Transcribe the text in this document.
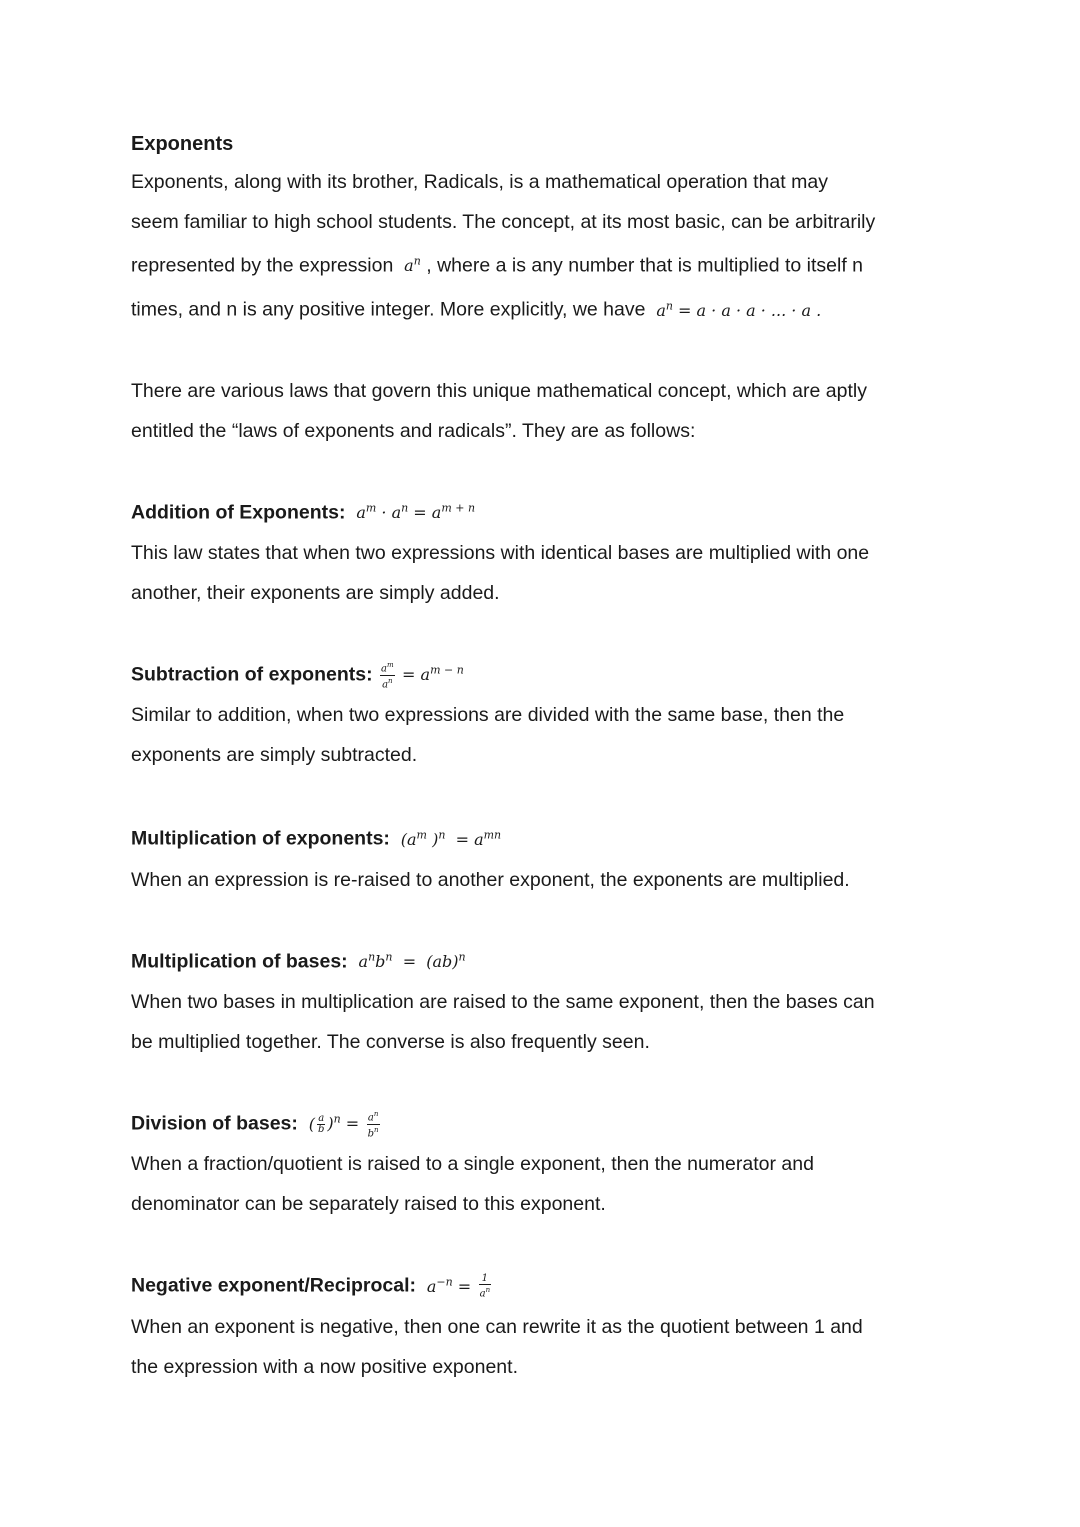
Exponents

Exponents, along with its brother, Radicals, is a mathematical operation that may

seem familiar to high school students. The concept, at its most basic, can be arbitrarily

represented by the expression $a^n$ , where a is any number that is multiplied to itself n

times, and n is any positive integer. More explicitly, we have $a^n = a \cdot a \cdot a$ · ... · a .

There are various laws that govern this unique mathematical concept, which are aptly

entitled the “laws of exponents and radicals”. They are as follows:

Addition of Exponents: $a^m \cdot a^n = a^{m + n}$

This law states that when two expressions with identical bases are multiplied with one

another, their exponents are simply added.

Subtraction of exponents: $\frac{a^m}{a^n} = a^{m - n}$

Similar to addition, when two expressions are divided with the same base, then the

exponents are simply subtracted.

Multiplication of exponents: ($a^m$ )$^n = a^{mn}$

When an expression is re-raised to another exponent, the exponents are multiplied.

Multiplication of bases: $a^nb^n = (ab)^n$

When two bases in multiplication are raised to the same exponent, then the bases can

be multiplied together. The converse is also frequently seen.

Division of bases: ( $\frac{a}{b} )^n = \frac{a^n}{b^n}$

When a fraction/quotient is raised to a single exponent, then the numerator and

denominator can be separately raised to this exponent.

Negative exponent/Reciprocal: $a^{-n} = \frac{1}{a^n}$

When an exponent is negative, then one can rewrite it as the quotient between 1 and

the expression with a now positive exponent.
